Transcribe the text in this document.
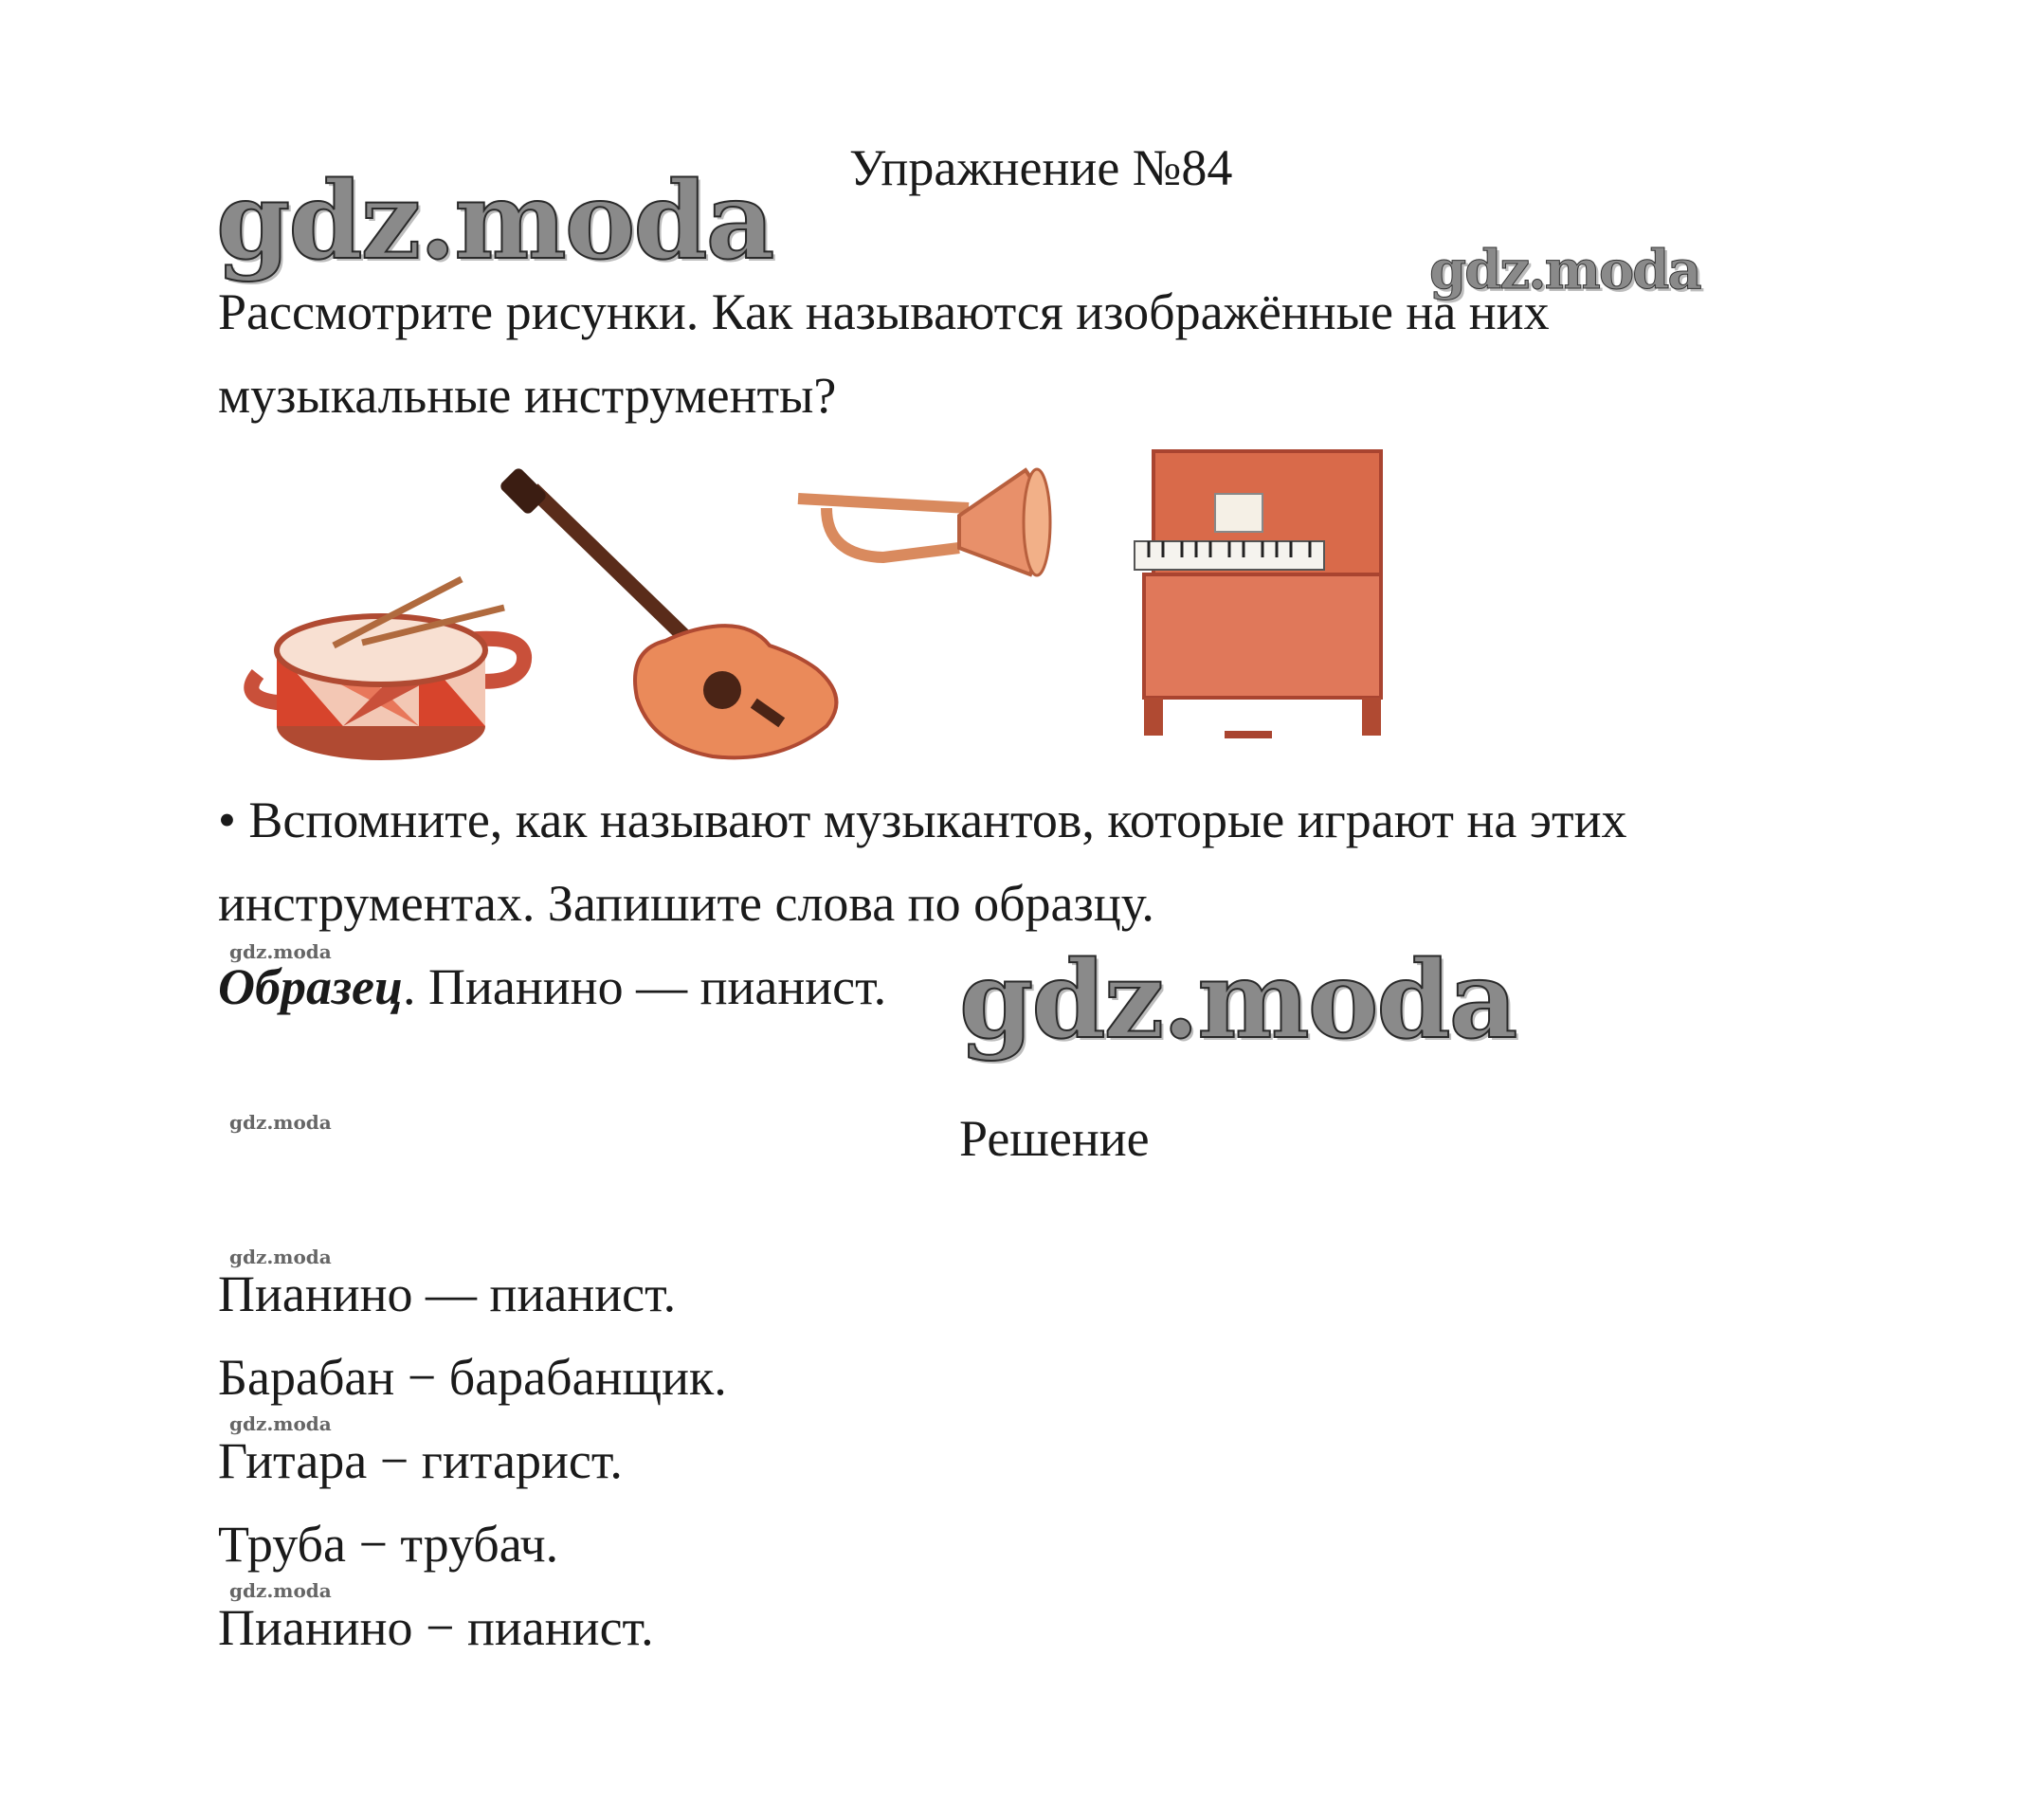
Упражнение №84
gdz.moda	gdz.moda
Рассмотрите рисунки. Как называются изображённые на них
музыкальные инструменты?
• Вспомните, как называют музыкантов, которые играют на этих
инструментах. Запишите слова по образцу.
gdz.moda
Образец. Пианино — пианист. gdz.moda
gdz.moda	Решение
gdz.moda
Пианино — пианист.
Барабан − барабанщик.
gdz.moda
Гитара − гитарист.
Труба − трубач.
gdz.moda
Пианино − пианист.
